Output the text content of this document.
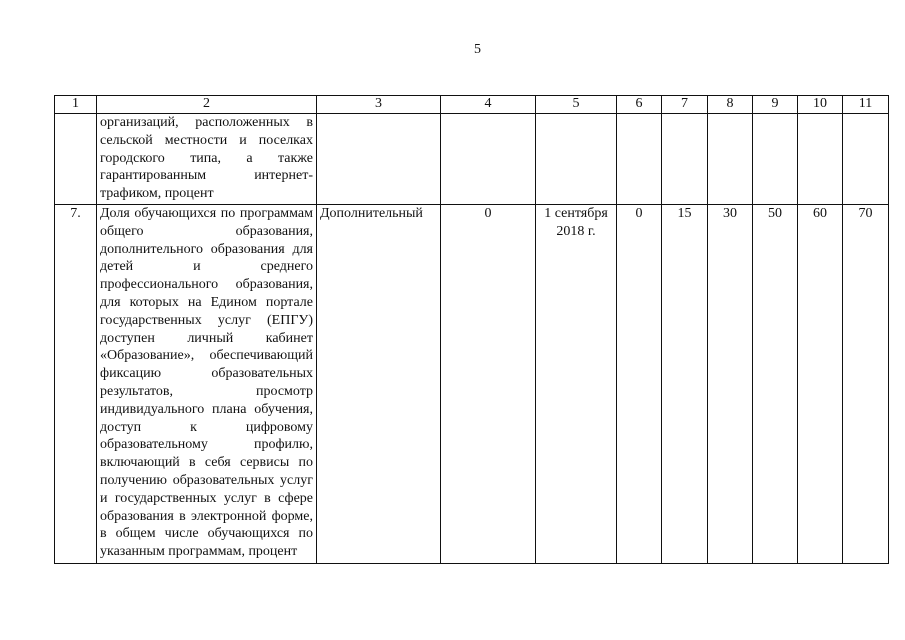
5
1	2	3	4	5	6	7	8	9	10	11
	организаций, расположенных в сельской местности и поселках городского типа, а также гарантированным интернет-трафиком, процент									
7.	Доля обучающихся по программам общего образования, дополнительного образования для детей и среднего профессионального образования, для которых на Едином портале государственных услуг (ЕПГУ) доступен личный кабинет «Образование», обеспечивающий фиксацию образовательных результатов, просмотр индивидуального плана обучения, доступ к цифровому образовательному профилю, включающий в себя сервисы по получению образовательных услуг и государственных услуг в сфере образования в электронной форме, в общем числе обучающихся по указанным программам, процент	Дополнительный	0	1 сентября 2018 г.	0	15	30	50	60	70
